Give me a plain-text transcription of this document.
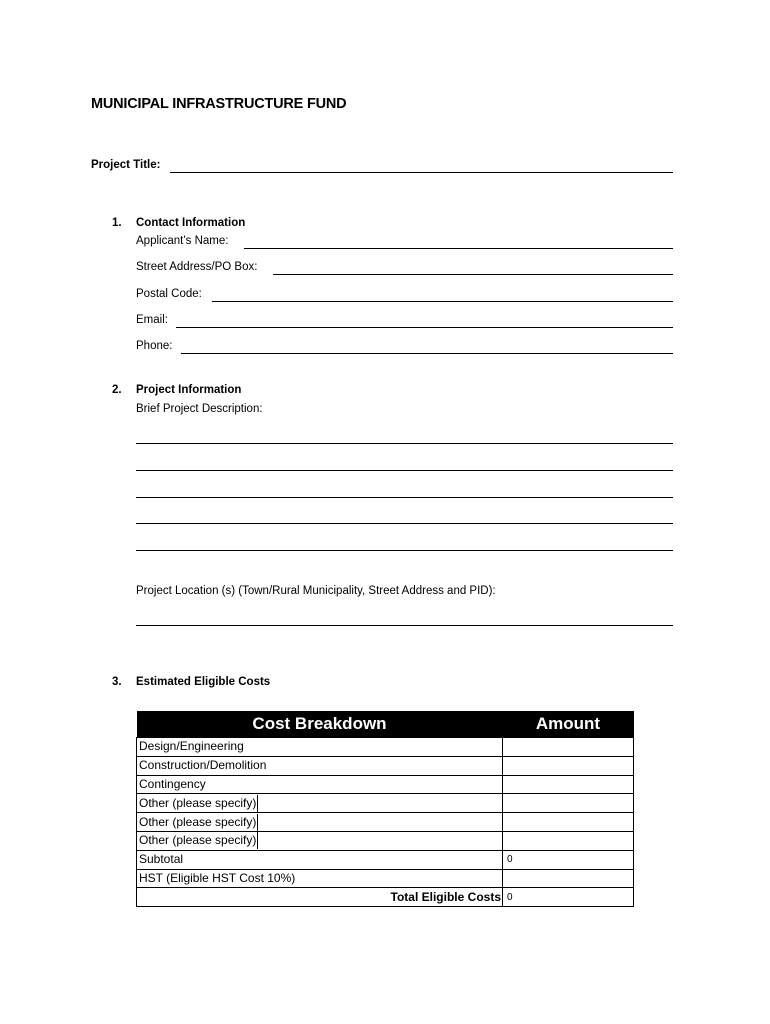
MUNICIPAL INFRASTRUCTURE FUND
Project Title:
1. Contact Information
Applicant’s Name:
Street Address/PO Box:
Postal Code:
Email:
Phone:
2. Project Information
Brief Project Description:
Project Location (s) (Town/Rural Municipality, Street Address and PID):
3. Estimated Eligible Costs
Cost Breakdown	Amount
Design/Engineering	
Construction/Demolition	
Contingency	
Other (please specify)	
Other (please specify)	
Other (please specify)	
Subtotal	0
HST (Eligible HST Cost 10%)	
Total Eligible Costs	0
